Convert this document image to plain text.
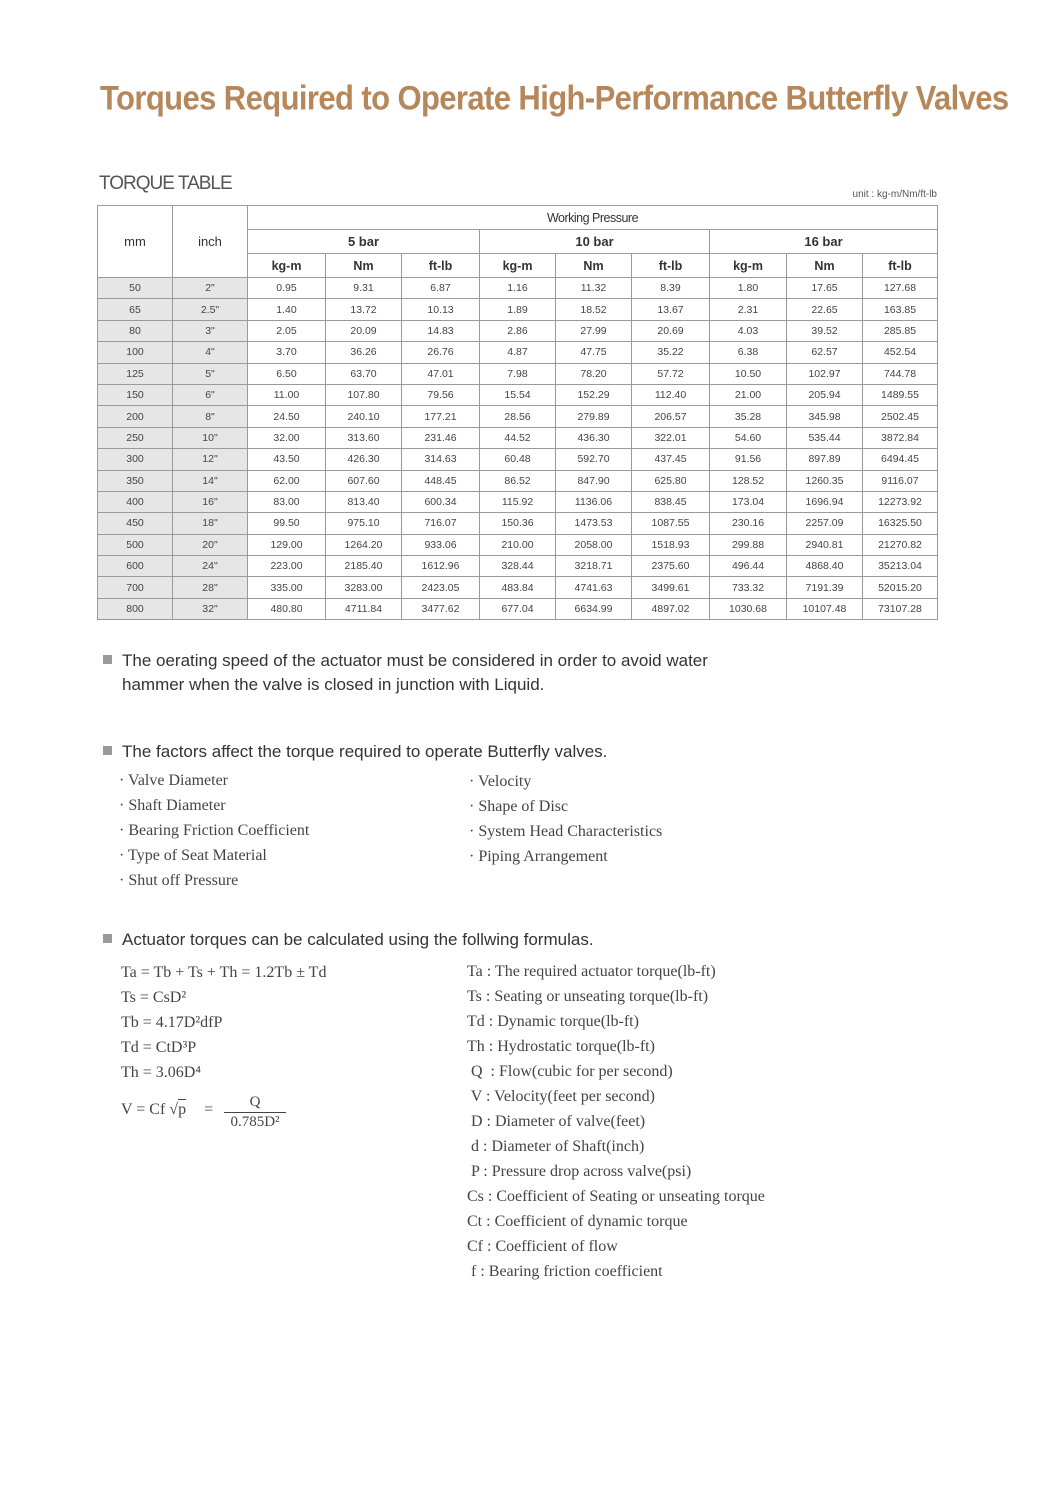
Torques Required to Operate High-Performance Butterfly Valves
TORQUE TABLE
unit : kg-m/Nm/ft-lb
mm	inch	Working Pressure								
		5 bar			10 bar			16 bar		
		kg-m	Nm	ft-lb	kg-m	Nm	ft-lb	kg-m	Nm	ft-lb
50	2"	0.95	9.31	6.87	1.16	11.32	8.39	1.80	17.65	127.68
65	2.5"	1.40	13.72	10.13	1.89	18.52	13.67	2.31	22.65	163.85
80	3"	2.05	20.09	14.83	2.86	27.99	20.69	4.03	39.52	285.85
100	4"	3.70	36.26	26.76	4.87	47.75	35.22	6.38	62.57	452.54
125	5"	6.50	63.70	47.01	7.98	78.20	57.72	10.50	102.97	744.78
150	6"	11.00	107.80	79.56	15.54	152.29	112.40	21.00	205.94	1489.55
200	8"	24.50	240.10	177.21	28.56	279.89	206.57	35.28	345.98	2502.45
250	10"	32.00	313.60	231.46	44.52	436.30	322.01	54.60	535.44	3872.84
300	12"	43.50	426.30	314.63	60.48	592.70	437.45	91.56	897.89	6494.45
350	14"	62.00	607.60	448.45	86.52	847.90	625.80	128.52	1260.35	9116.07
400	16"	83.00	813.40	600.34	115.92	1136.06	838.45	173.04	1696.94	12273.92
450	18"	99.50	975.10	716.07	150.36	1473.53	1087.55	230.16	2257.09	16325.50
500	20"	129.00	1264.20	933.06	210.00	2058.00	1518.93	299.88	2940.81	21270.82
600	24"	223.00	2185.40	1612.96	328.44	3218.71	2375.60	496.44	4868.40	35213.04
700	28"	335.00	3283.00	2423.05	483.84	4741.63	3499.61	733.32	7191.39	52015.20
800	32"	480.80	4711.84	3477.62	677.04	6634.99	4897.02	1030.68	10107.48	73107.28
The oerating speed of the actuator must be considered in order to avoid water
hammer when the valve is closed in junction with Liquid.
The factors affect the torque required to operate Butterfly valves.
· Valve Diameter
· Shaft Diameter
· Bearing Friction Coefficient
· Type of Seat Material
· Shut off Pressure
· Velocity
· Shape of Disc
· System Head Characteristics
· Piping Arrangement
Actuator torques can be calculated using the follwing formulas.
Ta = Tb + Ts + Th = 1.2Tb ± Td
Ts = CsD²
Tb = 4.17D²dfP
Td = CtD³P
Th = 3.06D⁴
V = Cf $√p = \frac{Q}{\text{0.785D²}}$
Ta : The required actuator torque(lb-ft)
Ts : Seating or unseating torque(lb-ft)
Td : Dynamic torque(lb-ft)
Th : Hydrostatic torque(lb-ft)
Q  : Flow(cubic for per second)
V : Velocity(feet per second)
D : Diameter of valve(feet)
d : Diameter of Shaft(inch)
P : Pressure drop across valve(psi)
Cs : Coefficient of Seating or unseating torque
Ct : Coefficient of dynamic torque
Cf : Coefficient of flow
f : Bearing friction coefficient
